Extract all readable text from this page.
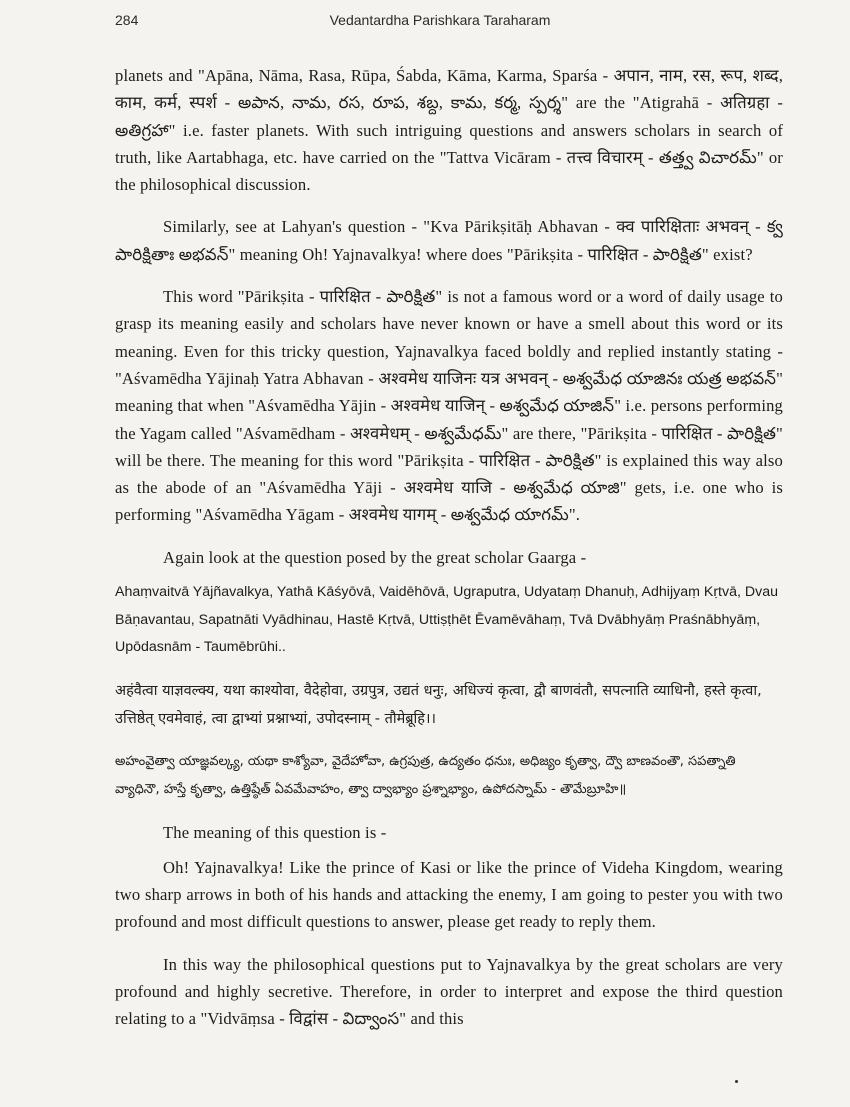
284	Vedantardha Parishkara Taraharam

planets and "Apāna, Nāma, Rasa, Rūpa, Śabda, Kāma, Karma, Sparśa - अपान, नाम, रस, रूप, शब्द, काम, कर्म, स्पर्श - అపాన, నామ, రస, రూప, శబ్ద, కామ, కర్మ, స్పర్శ" are the "Atigrahā - अतिग्रहा - అతిగ్రహా" i.e. faster planets. With such intriguing questions and answers scholars in search of truth, like Aartabhaga, etc. have carried on the "Tattva Vicāram - तत्त्व विचारम् - తత్త్వ విచారమ్" or the philosophical discussion.

Similarly, see at Lahyan's question - "Kva Pārikṣitāḥ Abhavan - क्व पारिक्षिताः अभवन् - క్వ పారిక్షితాః అభవన్" meaning Oh! Yajnavalkya! where does "Pārikṣita - पारिक्षित - పారిక్షిత" exist?

This word "Pārikṣita - पारिक्षित - పారిక్షిత" is not a famous word or a word of daily usage to grasp its meaning easily and scholars have never known or have a smell about this word or its meaning. Even for this tricky question, Yajnavalkya faced boldly and replied instantly stating - "Aśvamēdha Yājinaḥ Yatra Abhavan - अश्वमेध याजिनः यत्र अभवन् - అశ్వమేధ యాజినః యత్ర అభవన్" meaning that when "Aśvamēdha Yājin - अश्वमेध याजिन् - అశ్వమేధ యాజిన్" i.e. persons performing the Yagam called "Aśvamēdham - अश्वमेधम् - అశ్వమేధమ్" are there, "Pārikṣita - पारिक्षित - పారిక్షిత" will be there. The meaning for this word "Pārikṣita - पारिक्षित - పారిక్షిత" is explained this way also as the abode of an "Aśvamēdha Yāji - अश्वमेध याजि - అశ్వమేధ యాజి" gets, i.e. one who is performing "Aśvamēdha Yāgam - अश्वमेध यागम् - అశ్వమేధ యాగమ్".

Again look at the question posed by the great scholar Gaarga -

Ahaṃvaitvā Yājñavalkya, Yathā Kāśyōvā, Vaidēhōvā, Ugraputra, Udyataṃ Dhanuḥ, Adhijyaṃ Kṛtvā, Dvau Bāṇavantau, Sapatnāti Vyādhinau, Hastē Kṛtvā, Uttiṣṭhēt Ēvamēvāhaṃ, Tvā Dvābhyāṃ Praśnābhyāṃ, Upōdasnām - Taumēbrūhi..

अहंवैत्वा याज्ञवल्क्य, यथा काश्योवा, वैदेहोवा, उग्रपुत्र, उद्यतं धनुः, अधिज्यं कृत्वा, द्वौ बाणवंतौ, सपत्नाति व्याधिनौ, हस्ते कृत्वा, उत्तिष्ठेत् एवमेवाहं, त्वा द्वाभ्यां प्रश्नाभ्यां, उपोदस्नाम् - तौमेब्रूहि।।

అహంవైత్వా యాజ్ఞవల్క్య, యథా కాశ్యోవా, వైదేహోవా, ఉగ్రపుత్ర, ఉద్యతం ధనుః, అధిజ్యం కృత్వా, ద్వౌ బాణవంతౌ, సపత్నాతి వ్యాధినౌ, హస్తే కృత్వా, ఉత్తిష్ఠేత్ ఏవమేవాహం, త్వా ద్వాభ్యాం ప్రశ్నాభ్యాం, ఉపోదస్నామ్ - తౌమేబ్రూహి॥

The meaning of this question is -

Oh! Yajnavalkya! Like the prince of Kasi or like the prince of Videha Kingdom, wearing two sharp arrows in both of his hands and attacking the enemy, I am going to pester you with two profound and most difficult questions to answer, please get ready to reply them.

In this way the philosophical questions put to Yajnavalkya by the great scholars are very profound and highly secretive. Therefore, in order to interpret and expose the third question relating to a "Vidvāṃsa - विद्वांस - విద్వాంస" and this
